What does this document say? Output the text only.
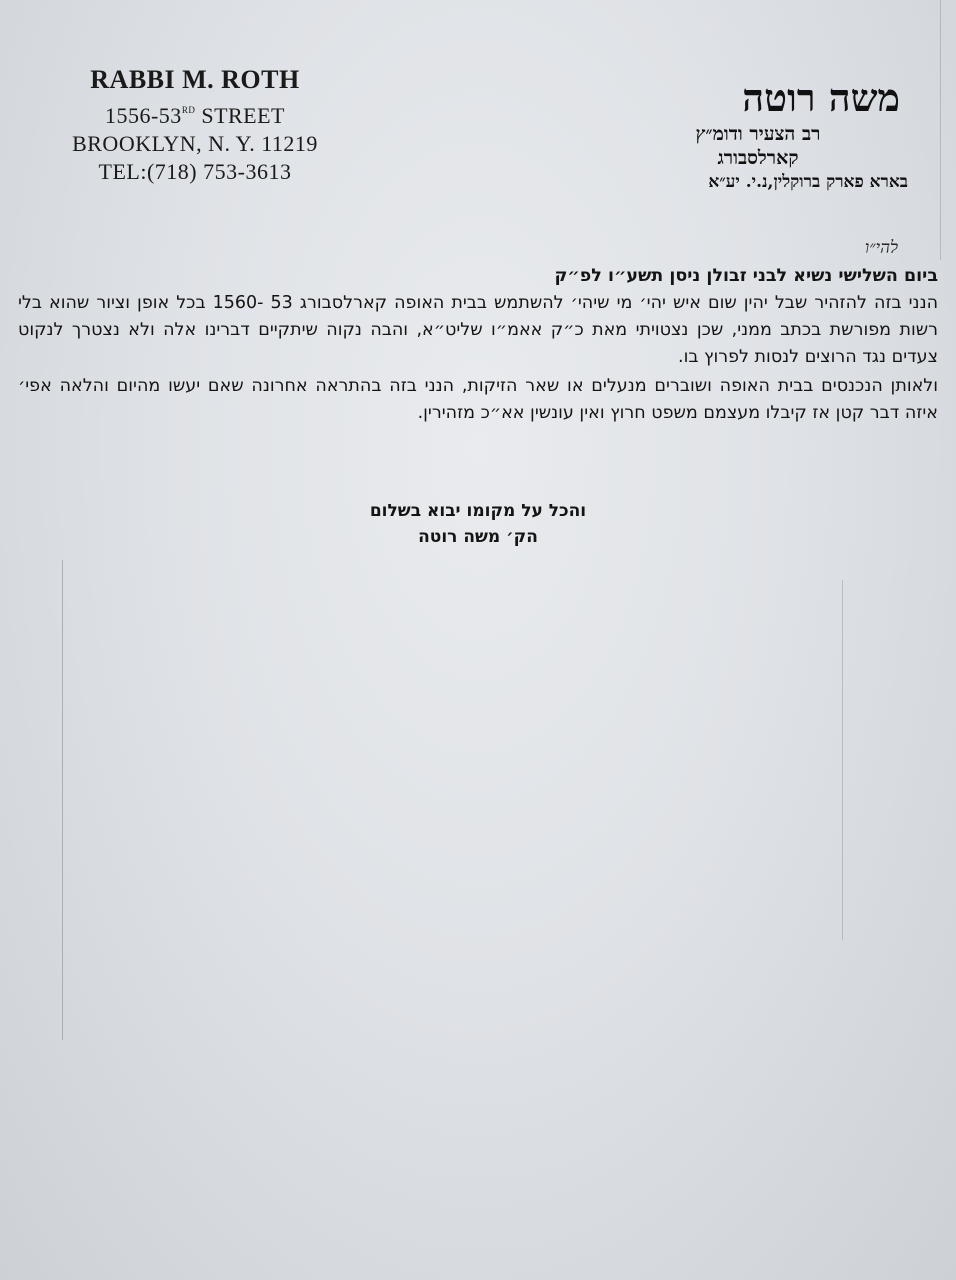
RABBI M. ROTH
1556-53RD STREET
BROOKLYN, N. Y. 11219
TEL:(718) 753-3613
משה רוטה
רב הצעיר ודומ״ץ
קארלסבורג
בארא פארק ברוקלין,נ.י. יע״א
להי״ו
ביום השלישי נשיא לבני זבולן ניסן תשע״ו לפ״ק

הנני בזה להזהיר שבל יהין שום איש יהי׳ מי שיהי׳ להשתמש בבית האופה קארלסבורג 53 -1560 בכל אופן וציור שהוא בלי רשות מפורשת בכתב ממני, שכן נצטויתי מאת כ״ק אאמ״ו שליט״א, והבה נקוה שיתקיים דברינו אלה ולא נצטרך לנקוט צעדים נגד הרוצים לנסות לפרוץ בו.

ולאותן הנכנסים בבית האופה ושוברים מנעלים או שאר הזיקות, הנני בזה בהתראה אחרונה שאם יעשו מהיום והלאה אפי׳ איזה דבר קטן אז קיבלו מעצמם משפט חרוץ ואין עונשין אא״כ מזהירין.

והכל על מקומו יבוא בשלום
הק׳ משה רוטה
